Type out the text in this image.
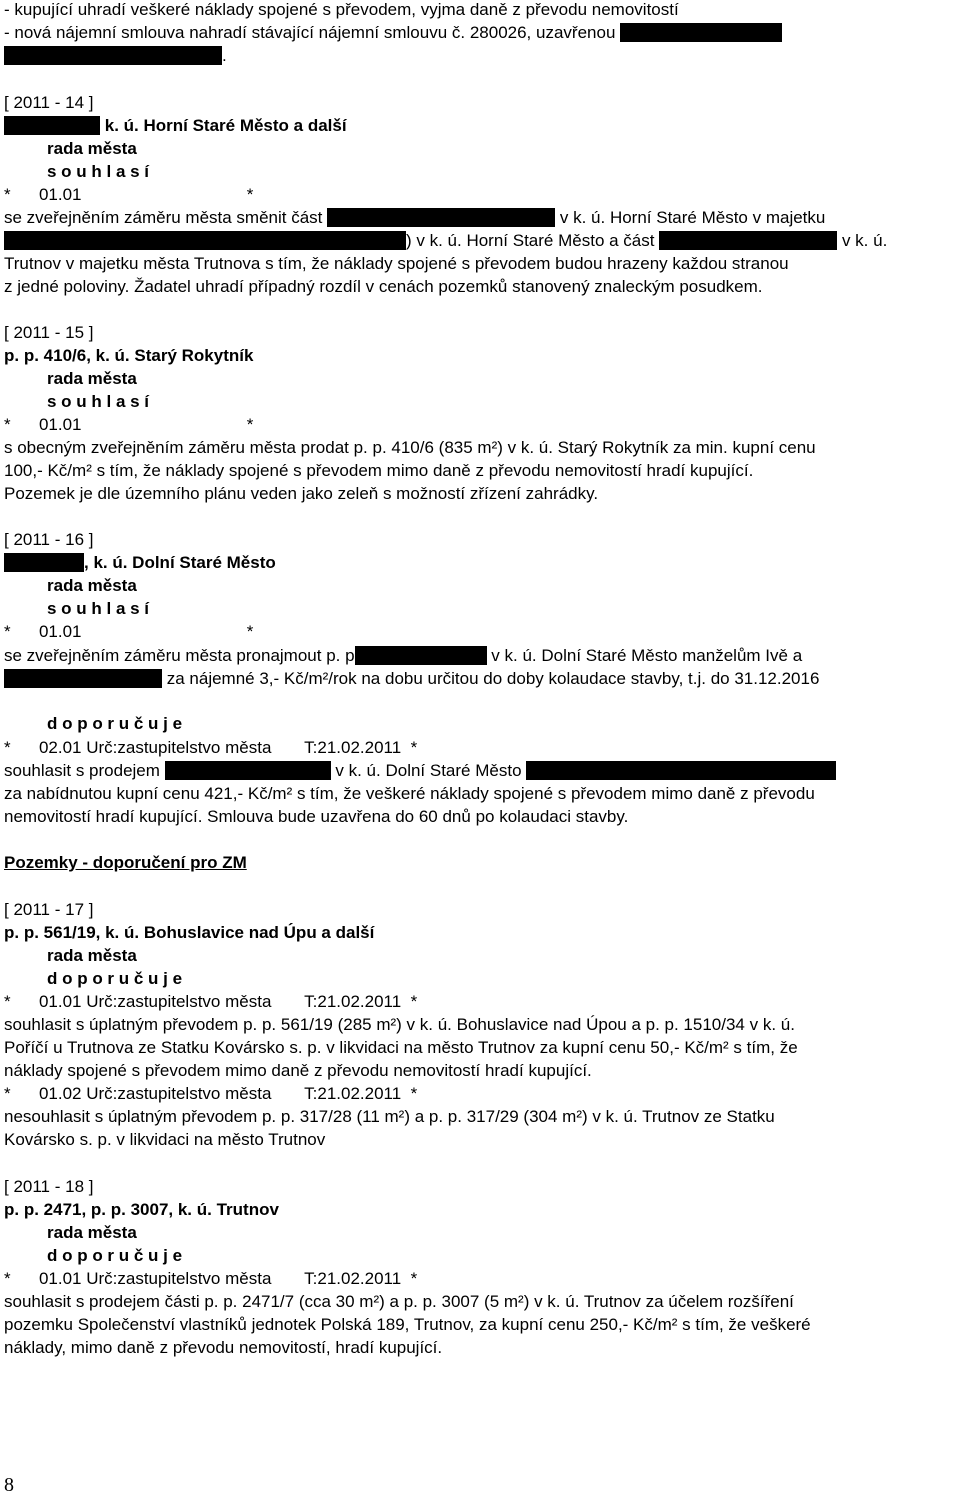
- kupující uhradí veškeré náklady spojené s převodem, vyjma daně z převodu nemovitostí
- nová nájemní smlouva nahradí stávající nájemní smlouvu č. 280026, uzavřenou
.
[ 2011 - 14 ]
k. ú. Horní Staré Město a další
rada města
s o u h l a s í
*      01.01                                   *
se zveřejněním záměru města směnit část	v k. ú. Horní Staré Město v majetku
) v k. ú. Horní Staré Město a část	v k. ú.
Trutnov v majetku města Trutnova s tím, že náklady spojené s převodem budou hrazeny každou stranou
z jedné poloviny. Žadatel uhradí případný rozdíl v cenách pozemků stanovený znaleckým posudkem.
[ 2011 - 15 ]
p. p. 410/6, k. ú. Starý Rokytník
rada města
s o u h l a s í
*      01.01                                   *
s obecným zveřejněním záměru města prodat p. p. 410/6 (835 m²) v k. ú. Starý Rokytník za min. kupní cenu
100,- Kč/m² s tím, že náklady spojené s převodem mimo daně z převodu nemovitostí hradí kupující.
Pozemek je dle územního plánu veden jako zeleň s možností zřízení zahrádky.
[ 2011 - 16 ]
, k. ú. Dolní Staré Město
rada města
s o u h l a s í
*      01.01                                   *
se zveřejněním záměru města pronajmout p. p	v k. ú. Dolní Staré Město manželům Ivě a
za nájemné 3,- Kč/m²/rok na dobu určitou do doby kolaudace stavby, t.j. do 31.12.2016
d o p o r u č u j e
*      02.01 Urč:zastupitelstvo města       T:21.02.2011  *
souhlasit s prodejem	v k. ú. Dolní Staré Město
za nabídnutou kupní cenu 421,- Kč/m² s tím, že veškeré náklady spojené s převodem mimo daně z převodu
nemovitostí hradí kupující. Smlouva bude uzavřena do 60 dnů po kolaudaci stavby.
Pozemky - doporučení pro ZM
[ 2011 - 17 ]
p. p. 561/19, k. ú. Bohuslavice nad Úpu a další
rada města
d o p o r u č u j e
*      01.01 Urč:zastupitelstvo města       T:21.02.2011  *
souhlasit s úplatným převodem p. p. 561/19 (285 m²) v k. ú. Bohuslavice nad Úpou a p. p. 1510/34 v k. ú.
Poříčí u Trutnova ze Statku Kovársko s. p. v likvidaci na město Trutnov za kupní cenu 50,- Kč/m² s tím, že
náklady spojené s převodem mimo daně z převodu nemovitostí hradí kupující.
*      01.02 Urč:zastupitelstvo města       T:21.02.2011  *
nesouhlasit s úplatným převodem p. p. 317/28 (11 m²) a p. p. 317/29 (304 m²) v k. ú. Trutnov ze Statku
Kovársko s. p. v likvidaci na město Trutnov
[ 2011 - 18 ]
p. p. 2471, p. p. 3007, k. ú. Trutnov
rada města
d o p o r u č u j e
*      01.01 Urč:zastupitelstvo města       T:21.02.2011  *
souhlasit s prodejem části p. p. 2471/7 (cca 30 m²) a p. p. 3007 (5 m²) v k. ú. Trutnov za účelem rozšíření
pozemku Společenství vlastníků jednotek Polská 189, Trutnov, za kupní cenu 250,- Kč/m² s tím, že veškeré
náklady, mimo daně z převodu nemovitostí, hradí kupující.
8
